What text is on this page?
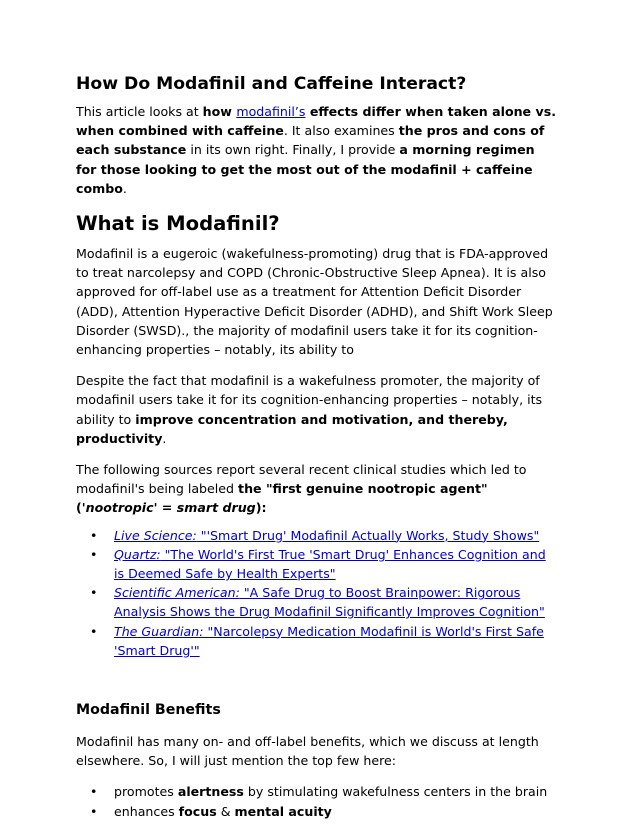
How Do Modafinil and Caffeine Interact?

This article looks at how modafinil’s effects differ when taken alone vs. when combined with caffeine. It also examines the pros and cons of each substance in its own right. Finally, I provide a morning regimen for those looking to get the most out of the modafinil + caffeine combo.

What is Modafinil?

Modafinil is a eugeroic (wakefulness-promoting) drug that is FDA-approved to treat narcolepsy and COPD (Chronic-Obstructive Sleep Apnea). It is also approved for off-label use as a treatment for Attention Deficit Disorder (ADD), Attention Hyperactive Deficit Disorder (ADHD), and Shift Work Sleep Disorder (SWSD)., the majority of modafinil users take it for its cognition-enhancing properties – notably, its ability to

Despite the fact that modafinil is a wakefulness promoter, the majority of modafinil users take it for its cognition-enhancing properties – notably, its ability to improve concentration and motivation, and thereby, productivity.

The following sources report several recent clinical studies which led to modafinil's being labeled the "first genuine nootropic agent"
('nootropic' = smart drug):

• Live Science: "'Smart Drug' Modafinil Actually Works, Study Shows"
• Quartz: "The World's First True 'Smart Drug' Enhances Cognition and is Deemed Safe by Health Experts"
• Scientific American: "A Safe Drug to Boost Brainpower: Rigorous Analysis Shows the Drug Modafinil Significantly Improves Cognition"
• The Guardian: "Narcolepsy Medication Modafinil is World's First Safe 'Smart Drug'"
Modafinil Benefits

Modafinil has many on- and off-label benefits, which we discuss at length elsewhere. So, I will just mention the top few here:

• promotes alertness by stimulating wakefulness centers in the brain
• enhances focus & mental acuity
